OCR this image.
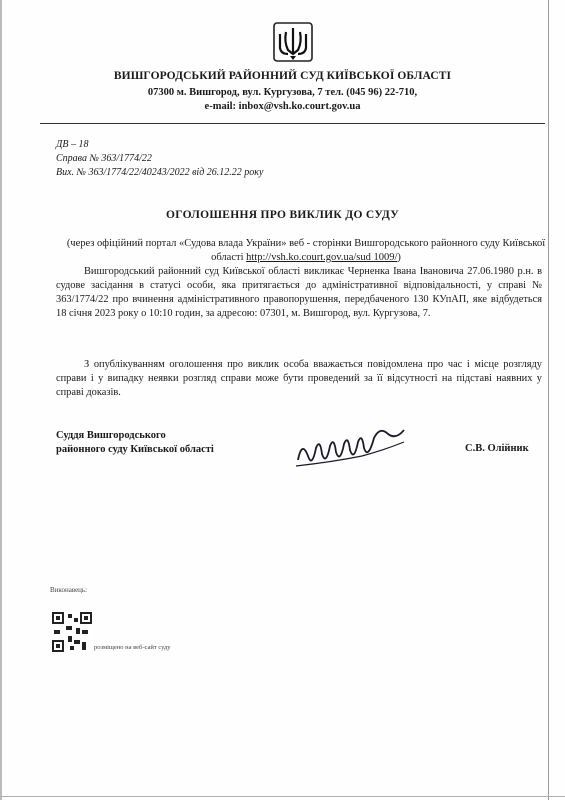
ВИШГОРОДСЬКИЙ РАЙОННИЙ СУД КИЇВСЬКОЇ ОБЛАСТІ
07300 м. Вишгород, вул. Кургузова, 7 тел. (045 96) 22-710,
e-mail: inbox@vsh.ko.court.gov.ua
ДВ – 18
Справа № 363/1774/22
Вих. № 363/1774/22/40243/2022 від 26.12.22 року
ОГОЛОШЕННЯ ПРО ВИКЛИК ДО СУДУ
(через офіційний портал «Судова влада України» веб - сторінки Вишгородського районного суду Київської області http://vsh.ko.court.gov.ua/sud 1009/)
Вишгородський районний суд Київської області викликає Черненка Івана Івановича 27.06.1980 р.н. в судове засідання в статусі особи, яка притягається до адміністративної відповідальності, у справі № 363/1774/22 про вчинення адміністративного правопорушення, передбаченого 130 КУпАП, яке відбудеться 18 січня 2023 року о 10:10 годин, за адресою: 07301, м. Вишгород, вул. Кургузова, 7.
З опублікуванням оголошення про виклик особа вважається повідомлена про час і місце розгляду справи і у випадку неявки розгляд справи може бути проведений за її відсутності на підставі наявних у справі доказів.
Суддя Вишгородського
районного суду Київської області	С.В. Олійник
Виконавець:
розміщено на веб-сайт суду
